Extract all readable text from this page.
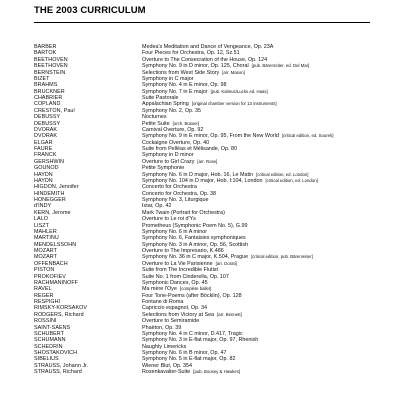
THE 2003 CURRICULUM
BARBER	Medea's Meditation and Dance of Vengeance, Op. 23A
BARTOK	Four Pieces for Orchestra, Op. 12, Sz.51
BEETHOVEN	Overture to The Consecration of the House, Op. 124
BEETHOVEN	Symphony No. 9 in D minor, Op. 125, Choral [pub. Bärenreiter, ed. Del Mar]
BERNSTEIN	Selections from West Side Story [arr. Mason]
BIZET	Symphony in C major
BRAHMS	Symphony No. 4 in E minor, Op. 98
BRUCKNER	Symphony No. 7 in E major [pub. Kalmus/Lucks ed. Haas]
CHABRIER	Suite Pastorale
COPLAND	Appalachian Spring [original chamber version for 13 instruments]
CRESTON, Paul	Symphony No. 2, Op. 35
DEBUSSY	Nocturnes
DEBUSSY	Petite Suite [orch. Büsser]
DVORAK	Carnival Overture, Op. 92
DVORAK	Symphony No. 9 in E minor, Op. 95, From the New World [critical edition, ed. Sourek]
ELGAR	Cockaigne Overture, Op. 40
FAURE	Suite from Pelléas et Mélisande, Op. 80
FRANCK	Symphony in D minor
GERSHWIN	Overture to Girl Crazy [arr. Rose]
GOUNOD	Petite Symphonie
HAYDN	Symphony No. 6 in D major, Hob. 16, Le Matin [critical edition, ed. London]
HAYDN	Symphony No. 104 in D major, Hob. I:104, London [critical edition, ed. London]
HIGDON, Jennifer	Concerto for Orchestra
HINDEMITH	Concerto for Orchestra, Op. 38
HONEGGER	Symphony No. 3, Liturgique
d'INDY	Istar, Op. 42
KERN, Jerome	Mark Twain (Portrait for Orchestra)
LALO	Overture to Le roi d'Ys
LISZT	Prometheus (Symphonic Poem No. 5), G.99
MAHLER	Symphony No. 6 in A minor
MARTINU	Symphony No. 6, Fantaisies symphoniques
MENDELSSOHN	Symphony No. 3 in A minor, Op. 56, Scottish
MOZART	Overture to The Impresario, K.486
MOZART	Symphony No. 36 in C major, K.504, Prague [critical edition, pub. Bärenreiter]
OFFENBACH	Overture to La Vie Parisienne [arr. Dorati]
PISTON	Suite from The Incredible Flutist
PROKOFIEV	Suite No. 1 from Cinderella, Op. 107
RACHMANINOFF	Symphonic Dances, Op. 45
RAVEL	Ma mère l'Oye [complete ballet]
REGER	Four Tone-Poems (after Böcklin), Op. 128
RESPIGHI	Fontane di Roma
RIMSKY-KORSAKOV	Capriccio espagnol, Op. 34
RODGERS, Richard	Selections from Victory at Sea [arr. Bennett]
ROSSINI	Overture to Semiramide
SAINT-SAENS	Phaëton, Op. 39
SCHUBERT	Symphony No. 4 in C minor, D.417, Tragic
SCHUMANN	Symphony No. 3 in E-flat major, Op. 97, Rhenish
SCHEDRIN	Naughty Limericks
SHOSTAKOVICH	Symphony No. 6 in B minor, Op. 47
SIBELIUS	Symphony No. 5 in E-flat major, Op. 82
STRAUSS, Johann Jr.	Wiener Blut, Op. 354
STRAUSS, Richard	Rosenkavalier-Suite [pub. Boosey & Hawkes]
